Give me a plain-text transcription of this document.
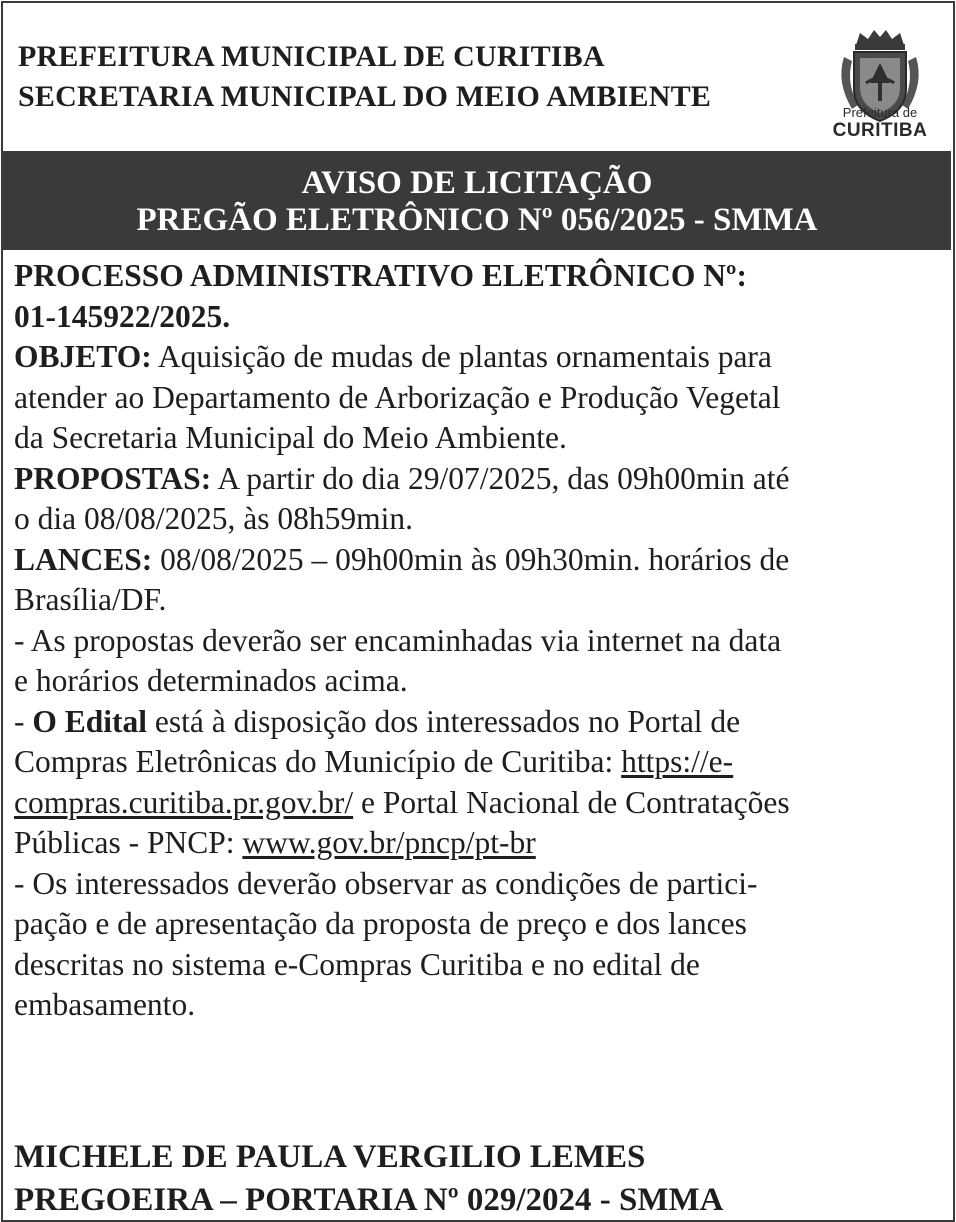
PREFEITURA MUNICIPAL DE CURITIBA
SECRETARIA MUNICIPAL DO MEIO AMBIENTE	Prefeitura de
CURITIBA
AVISO DE LICITAÇÃO
PREGÃO ELETRÔNICO Nº 056/2025 - SMMA
PROCESSO ADMINISTRATIVO ELETRÔNICO Nº:
01-145922/2025.
OBJETO: Aquisição de mudas de plantas ornamentais para
atender ao Departamento de Arborização e Produção Vegetal
da Secretaria Municipal do Meio Ambiente.
PROPOSTAS: A partir do dia 29/07/2025, das 09h00min até
o dia 08/08/2025, às 08h59min.
LANCES: 08/08/2025 – 09h00min às 09h30min. horários de
Brasília/DF.
- As propostas deverão ser encaminhadas via internet na data
e horários determinados acima.
- O Edital está à disposição dos interessados no Portal de
Compras Eletrônicas do Município de Curitiba: https://e-
compras.curitiba.pr.gov.br/ e Portal Nacional de Contratações
Públicas - PNCP: www.gov.br/pncp/pt-br
- Os interessados deverão observar as condições de partici-
pação e de apresentação da proposta de preço e dos lances
descritas no sistema e-Compras Curitiba e no edital de
embasamento.
MICHELE DE PAULA VERGILIO LEMES
PREGOEIRA – PORTARIA Nº 029/2024 - SMMA
